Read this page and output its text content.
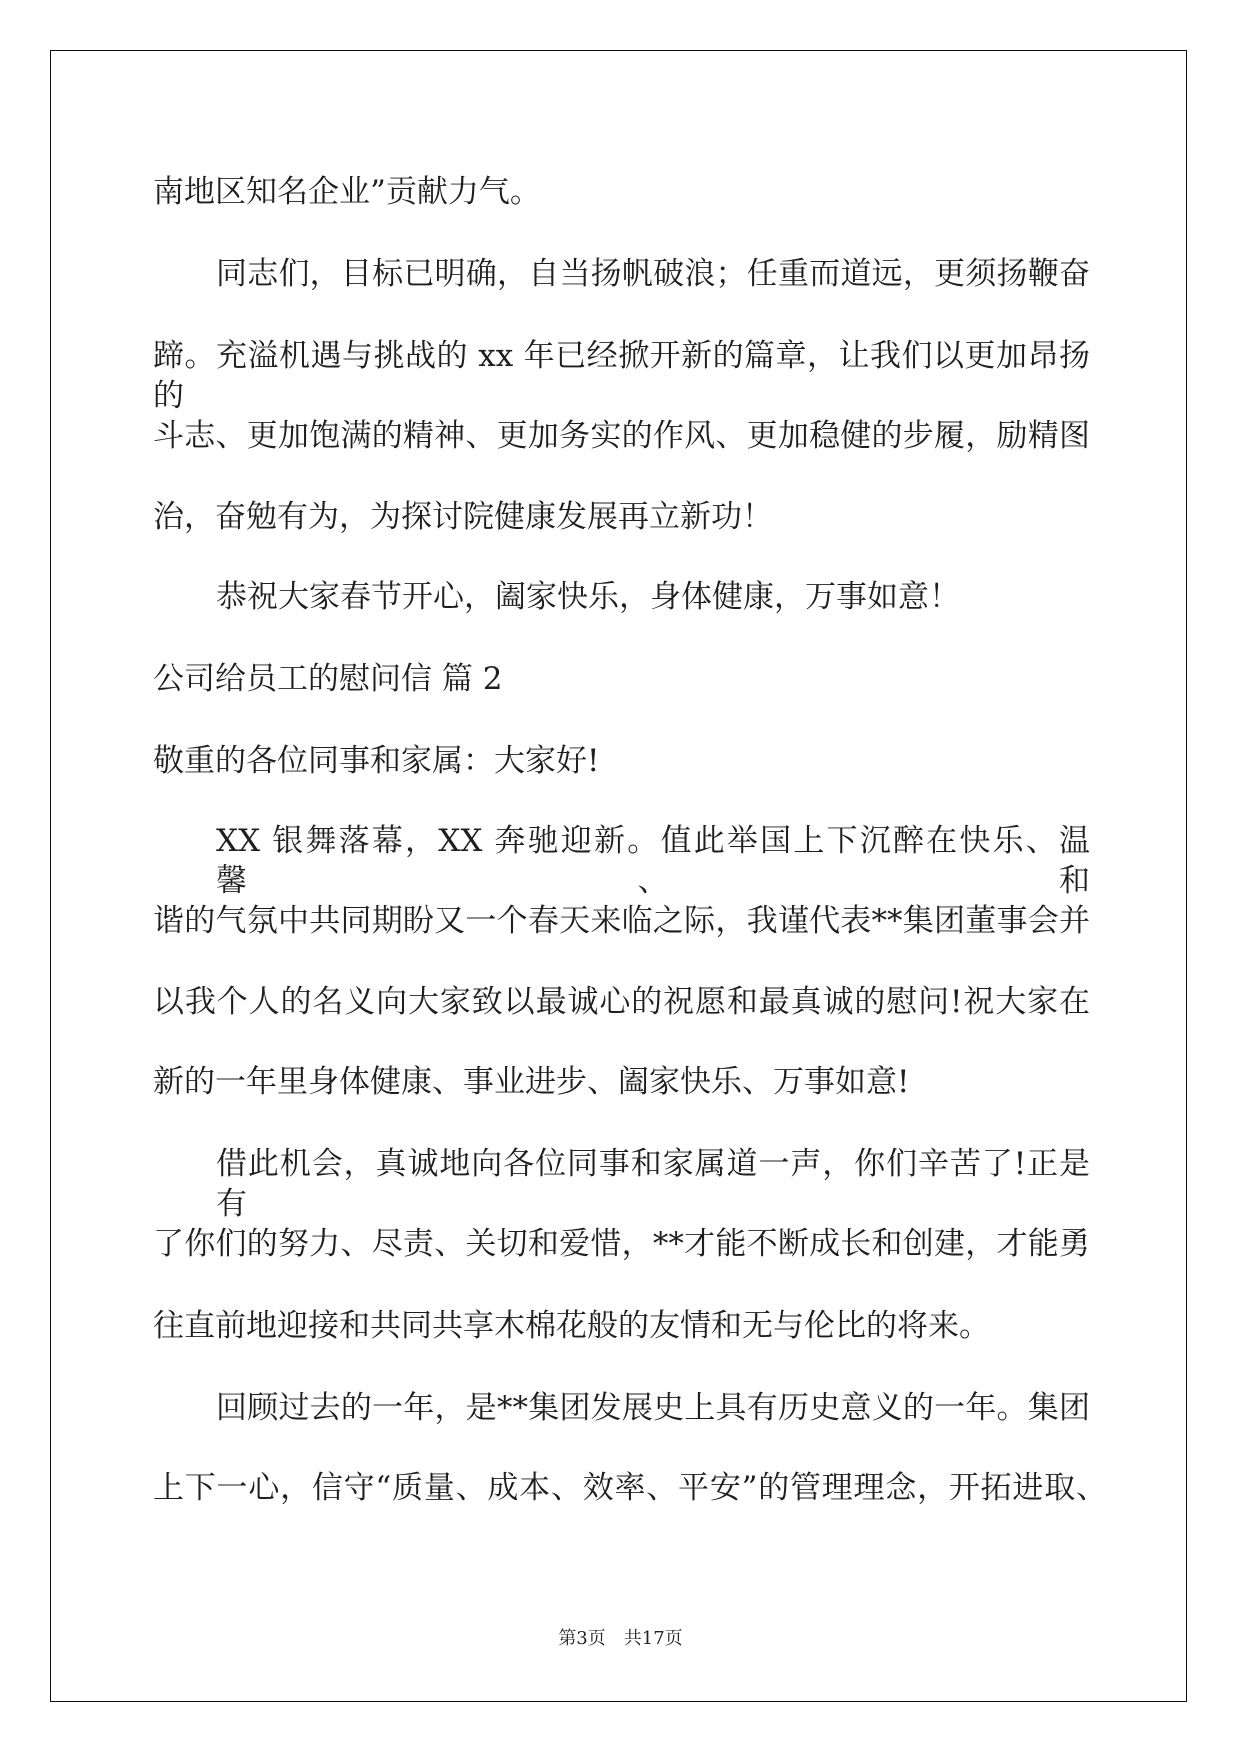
南地区知名企业”贡献力气。
同志们，目标已明确，自当扬帆破浪；任重而道远，更须扬鞭奋
蹄。充溢机遇与挑战的 xx 年已经掀开新的篇章，让我们以更加昂扬的
斗志、更加饱满的精神、更加务实的作风、更加稳健的步履，励精图
治，奋勉有为，为探讨院健康发展再立新功！
恭祝大家春节开心，阖家快乐，身体健康，万事如意！
公司给员工的慰问信 篇 2
敬重的各位同事和家属：大家好!
XX 银舞落幕，XX 奔驰迎新。值此举国上下沉醉在快乐、温馨、和
谐的气氛中共同期盼又一个春天来临之际，我谨代表**集团董事会并
以我个人的名义向大家致以最诚心的祝愿和最真诚的慰问!祝大家在
新的一年里身体健康、事业进步、阖家快乐、万事如意!
借此机会，真诚地向各位同事和家属道一声，你们辛苦了!正是有
了你们的努力、尽责、关切和爱惜，**才能不断成长和创建，才能勇
往直前地迎接和共同共享木棉花般的友情和无与伦比的将来。
回顾过去的一年，是**集团发展史上具有历史意义的一年。集团
上下一心，信守“质量、成本、效率、平安”的管理理念，开拓进取、
第3页　共17页
